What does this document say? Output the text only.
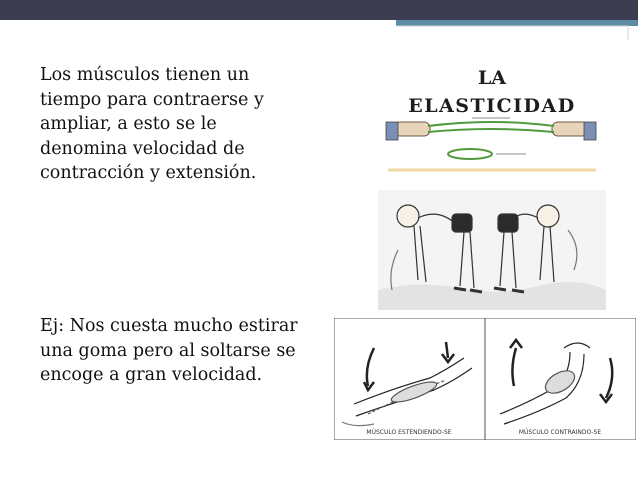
Los músculos tienen un tiempo para contraerse y ampliar, a esto se le denomina velocidad de contracción y extensión.
Ej: Nos cuesta mucho estirar una goma pero al soltarse se encoge a gran velocidad.
LA
ELASTICIDAD
MÚSCULO ESTENDIENDO-SE	MÚSCULO CONTRAINDO-SE
